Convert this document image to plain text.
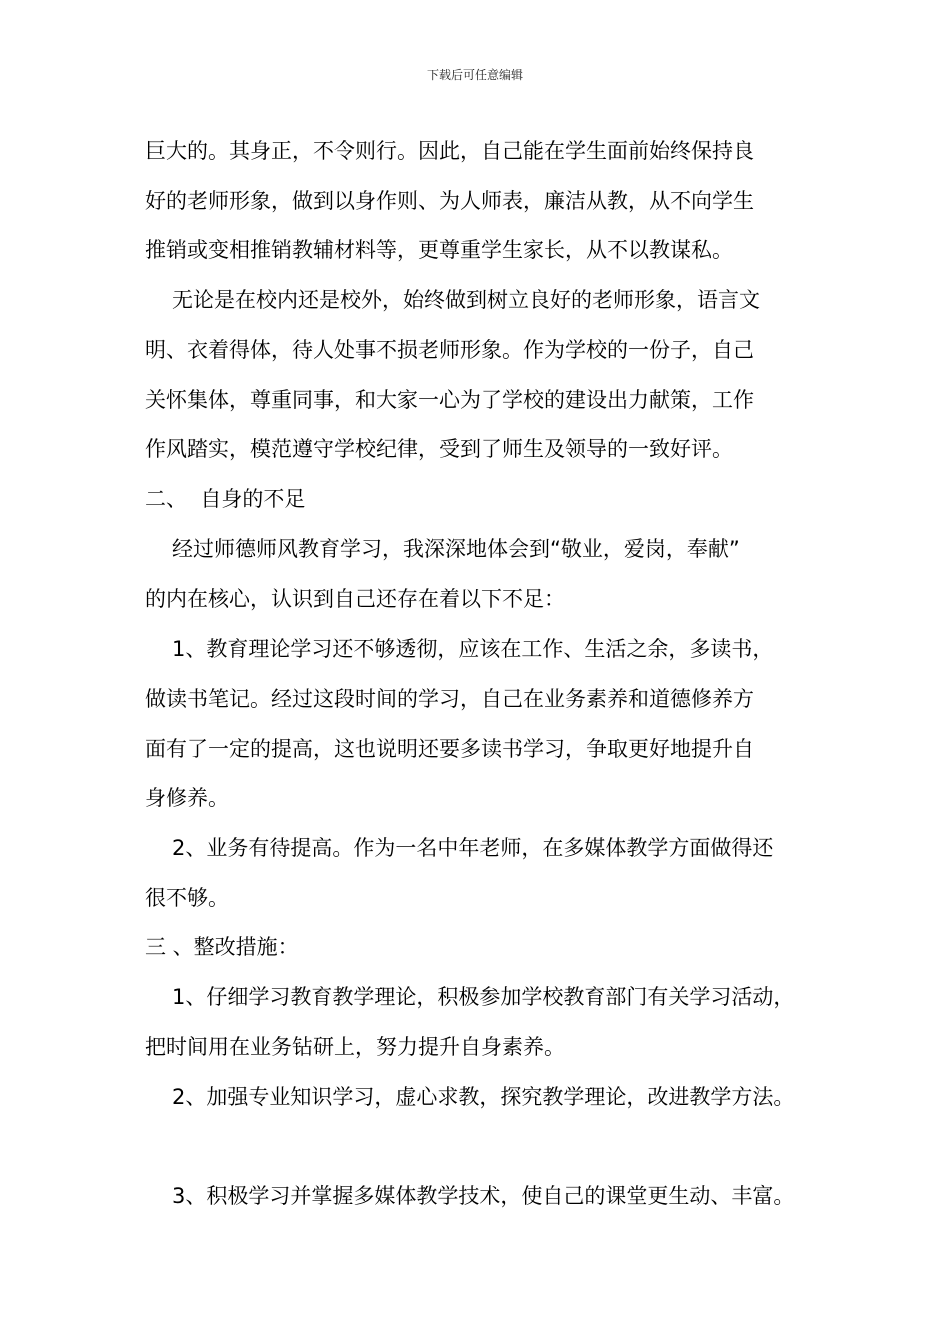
下载后可任意编辑
巨大的。其身正，不令则行。因此，自己能在学生面前始终保持良
好的老师形象，做到以身作则、为人师表，廉洁从教，从不向学生
推销或变相推销教辅材料等，更尊重学生家长，从不以教谋私。
无论是在校内还是校外，始终做到树立良好的老师形象，语言文
明、衣着得体，待人处事不损老师形象。作为学校的一份子，自己
关怀集体，尊重同事，和大家一心为了学校的建设出力献策，工作
作风踏实，模范遵守学校纪律，受到了师生及领导的一致好评。
二、  自身的不足
经过师德师风教育学习，我深深地体会到“敬业，爱岗，奉献”
的内在核心，认识到自己还存在着以下不足：
1、教育理论学习还不够透彻，应该在工作、生活之余，多读书，
做读书笔记。经过这段时间的学习，自己在业务素养和道德修养方
面有了一定的提高，这也说明还要多读书学习，争取更好地提升自
身修养。
2、业务有待提高。作为一名中年老师，在多媒体教学方面做得还
很不够。
三 、整改措施：
1、仔细学习教育教学理论，积极参加学校教育部门有关学习活动，
把时间用在业务钻研上，努力提升自身素养。
2、加强专业知识学习，虚心求教，探究教学理论，改进教学方法。
3、积极学习并掌握多媒体教学技术，使自己的课堂更生动、丰富。
